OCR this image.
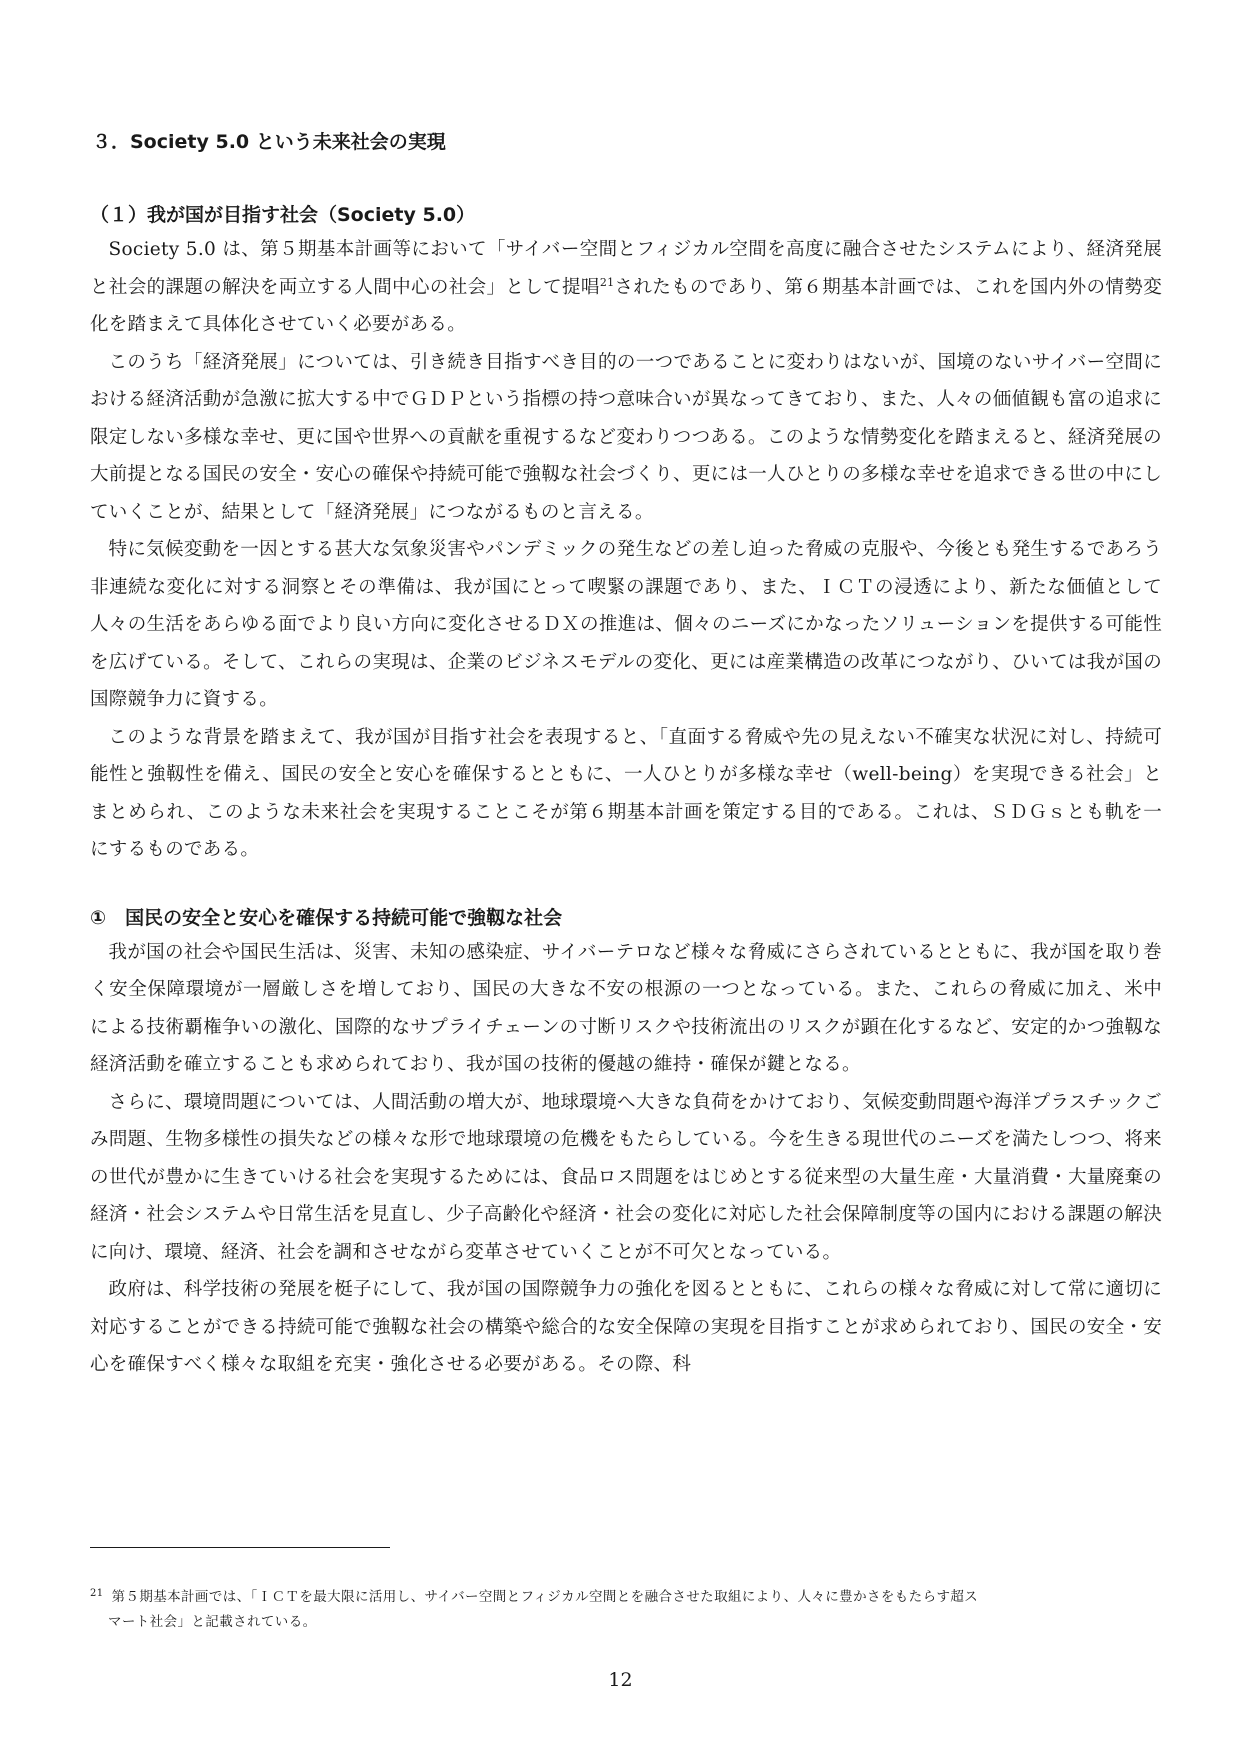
３．Society 5.0 という未来社会の実現
（１）我が国が目指す社会（Society 5.0）

Society 5.0 は、第５期基本計画等において「サイバー空間とフィジカル空間を高度に融合させたシステムにより、経済発展と社会的課題の解決を両立する人間中心の社会」として提唱$^{21}$されたものであり、第６期基本計画では、これを国内外の情勢変化を踏まえて具体化させていく必要がある。

このうち「経済発展」については、引き続き目指すべき目的の一つであることに変わりはないが、国境のないサイバー空間における経済活動が急激に拡大する中でＧＤＰという指標の持つ意味合いが異なってきており、また、人々の価値観も富の追求に限定しない多様な幸せ、更に国や世界への貢献を重視するなど変わりつつある。このような情勢変化を踏まえると、経済発展の大前提となる国民の安全・安心の確保や持続可能で強靱な社会づくり、更には一人ひとりの多様な幸せを追求できる世の中にしていくことが、結果として「経済発展」につながるものと言える。

特に気候変動を一因とする甚大な気象災害やパンデミックの発生などの差し迫った脅威の克服や、今後とも発生するであろう非連続な変化に対する洞察とその準備は、我が国にとって喫緊の課題であり、また、ＩＣＴの浸透により、新たな価値として人々の生活をあらゆる面でより良い方向に変化させるＤＸの推進は、個々のニーズにかなったソリューションを提供する可能性を広げている。そして、これらの実現は、企業のビジネスモデルの変化、更には産業構造の改革につながり、ひいては我が国の国際競争力に資する。

このような背景を踏まえて、我が国が目指す社会を表現すると、「直面する脅威や先の見えない不確実な状況に対し、持続可能性と強靱性を備え、国民の安全と安心を確保するとともに、一人ひとりが多様な幸せ（well-being）を実現できる社会」とまとめられ、このような未来社会を実現することこそが第６期基本計画を策定する目的である。これは、ＳＤＧｓとも軌を一にするものである。

①　国民の安全と安心を確保する持続可能で強靱な社会

我が国の社会や国民生活は、災害、未知の感染症、サイバーテロなど様々な脅威にさらされているとともに、我が国を取り巻く安全保障環境が一層厳しさを増しており、国民の大きな不安の根源の一つとなっている。また、これらの脅威に加え、米中による技術覇権争いの激化、国際的なサプライチェーンの寸断リスクや技術流出のリスクが顕在化するなど、安定的かつ強靱な経済活動を確立することも求められており、我が国の技術的優越の維持・確保が鍵となる。

さらに、環境問題については、人間活動の増大が、地球環境へ大きな負荷をかけており、気候変動問題や海洋プラスチックごみ問題、生物多様性の損失などの様々な形で地球環境の危機をもたらしている。今を生きる現世代のニーズを満たしつつ、将来の世代が豊かに生きていける社会を実現するためには、食品ロス問題をはじめとする従来型の大量生産・大量消費・大量廃棄の経済・社会システムや日常生活を見直し、少子高齢化や経済・社会の変化に対応した社会保障制度等の国内における課題の解決に向け、環境、経済、社会を調和させながら変革させていくことが不可欠となっている。

政府は、科学技術の発展を梃子にして、我が国の国際競争力の強化を図るとともに、これらの様々な脅威に対して常に適切に対応することができる持続可能で強靱な社会の構築や総合的な安全保障の実現を目指すことが求められており、国民の安全・安心を確保すべく様々な取組を充実・強化させる必要がある。その際、科

$^{21}$ 第５期基本計画では、「ＩＣＴを最大限に活用し、サイバー空間とフィジカル空間とを融合させた取組により、人々に豊かさをもたらす超ス
マート社会」と記載されている。
12
